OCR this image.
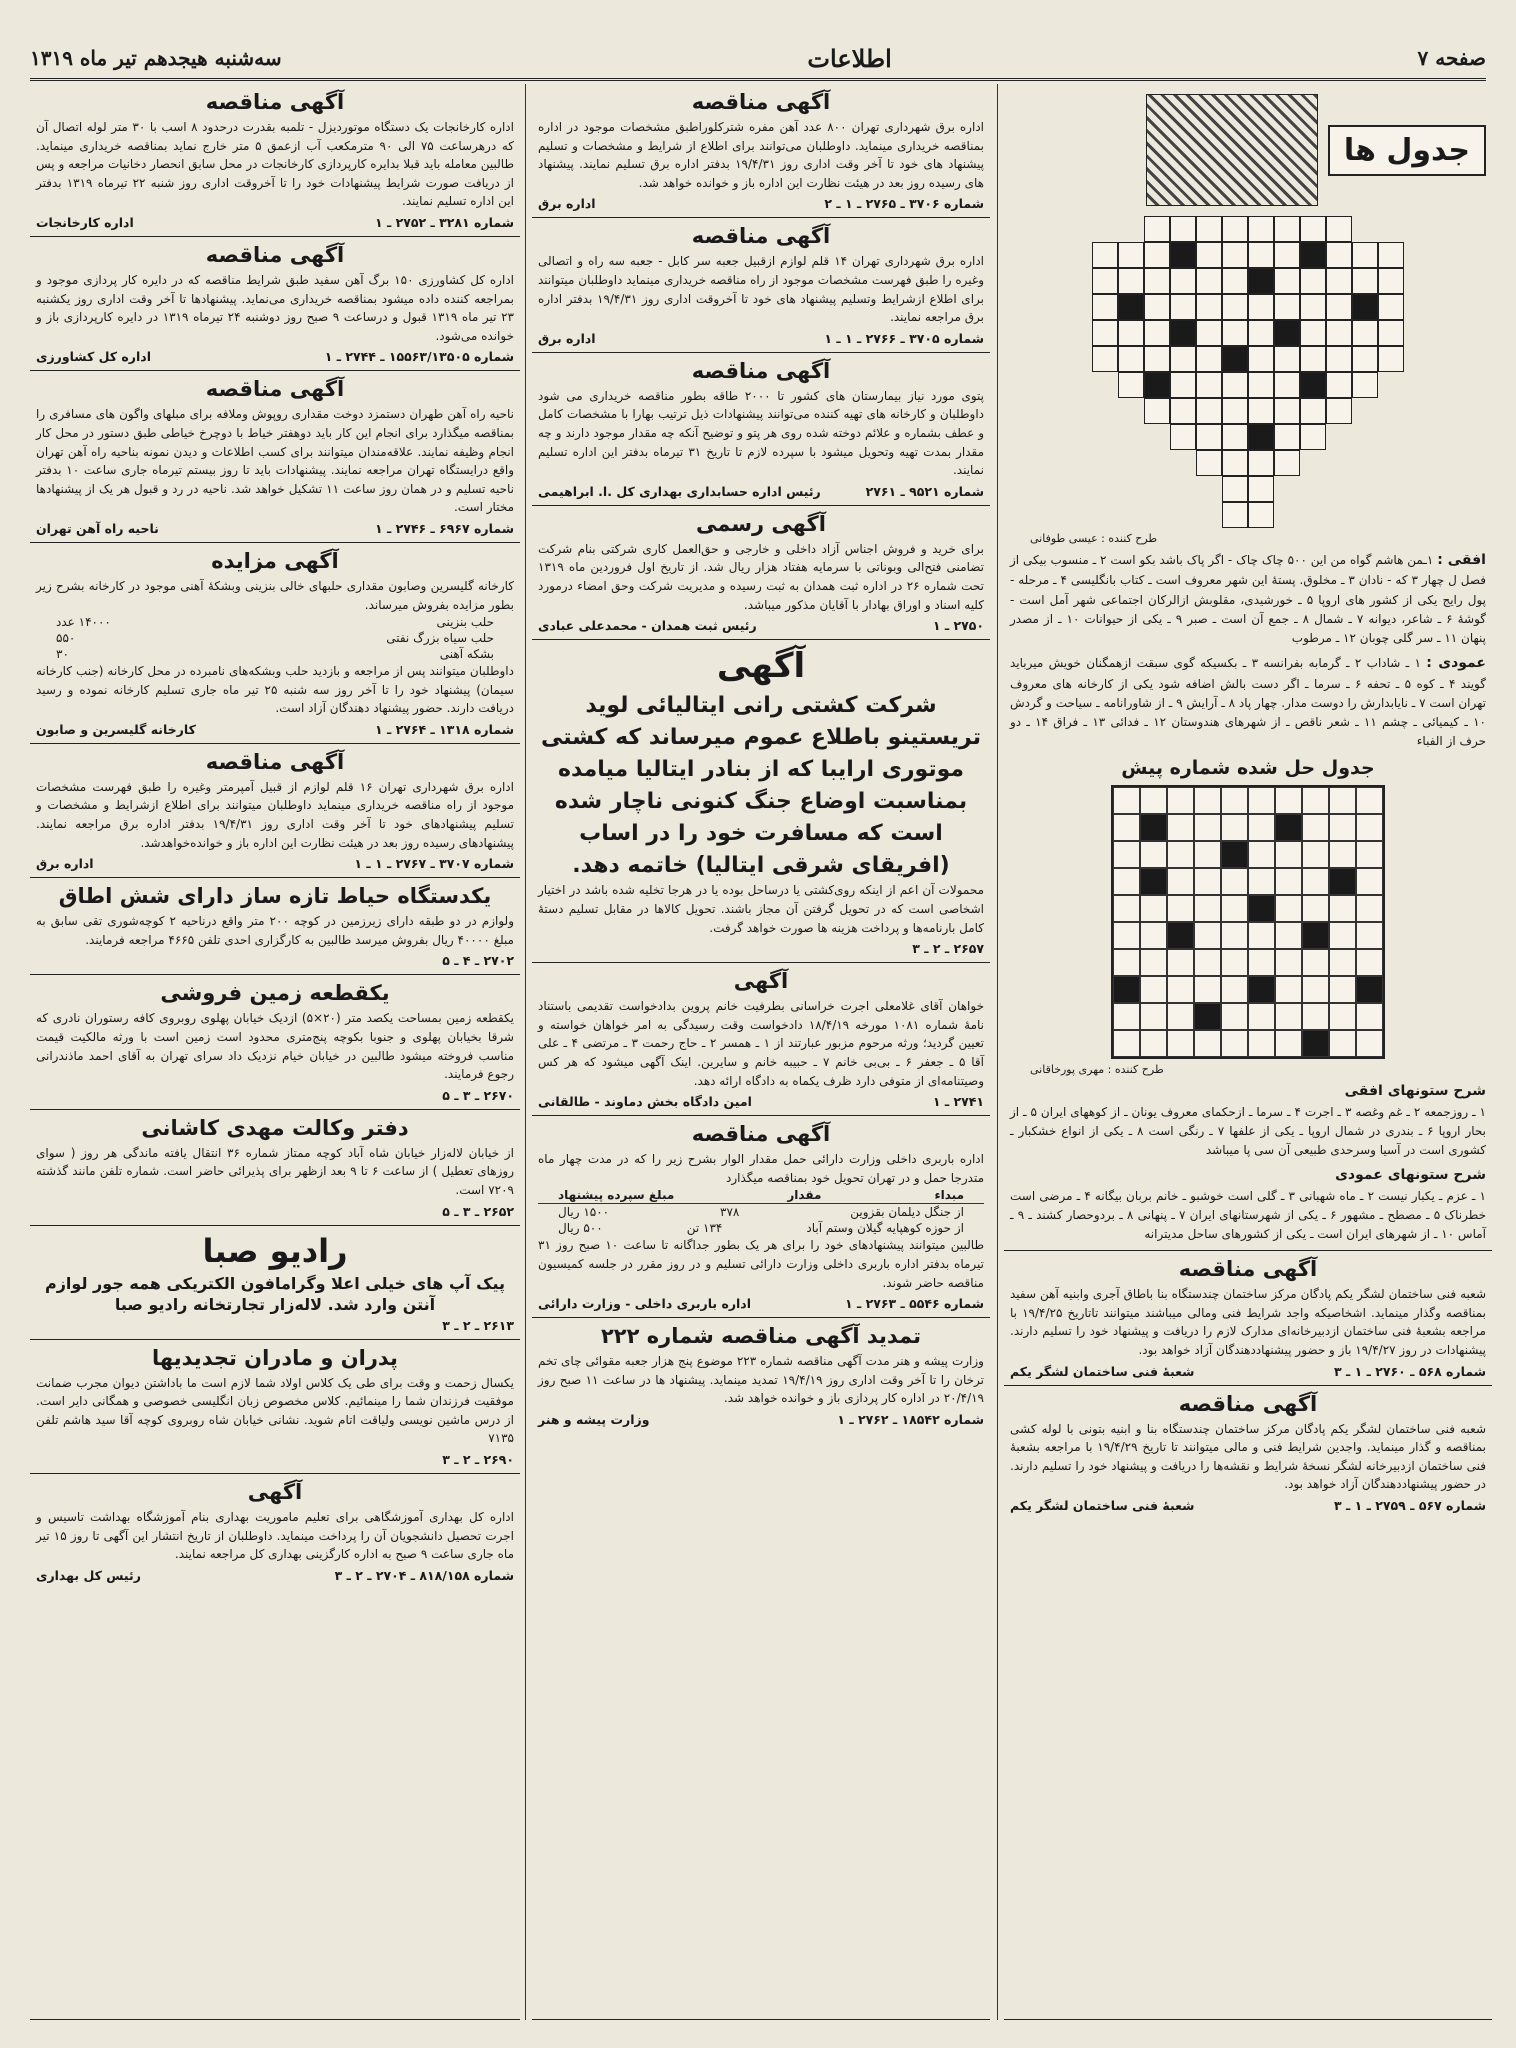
صفحه ۷
اطلاعات
سه‌شنبه هیجدهم تیر ماه ۱۳۱۹
جدول ها
طرح کننده : عیسی طوفانی
افقی : ۱ـمن هاشم گواه من این ۵۰۰ چاک چاک - اگر پاک باشد بکو است ۲ ـ منسوب بیکی از فصل ل چهار ۳ که - نادان ۳ ـ مخلوق. پستهٔ این شهر معروف است ـ کتاب بانگلیسی ۴ ـ مرحله - پول رایج یکی از کشور های اروپا ۵ ـ خورشیدی، مقلوبش ازالرکان اجتماعی شهر آمل است - گوشهٔ ۶ ـ شاعر، دیوانه ۷ ـ شمال ۸ ـ جمع آن است ـ صبر ۹ ـ یکی از حیوانات ۱۰ ـ از مصدر پنهان ۱۱ ـ سر گلی چوبان ۱۲ ـ مرطوب
عمودی : ۱ ـ شاداب ۲ ـ گرمابه بفرانسه ۳ ـ بکسیکه گوی سبقت ازهمگنان خویش میرباید گویند ۴ ـ کوه ۵ ـ تحفه ۶ ـ سرما ـ اگر دست بالش اضافه شود یکی از کارخانه های معروف تهران است ۷ ـ نایابدارش را دوست مدار. چهار پاد ۸ ـ آرایش ۹ ـ از شاورانامه ـ سیاحت و گردش ۱۰ ـ کیمیائی ـ چشم ۱۱ ـ شعر ناقص ـ از شهرهای هندوستان ۱۲ ـ فدائی ۱۳ ـ فراق ۱۴ ـ دو حرف از الفباء
جدول حل شده شماره پیش
طرح کننده : مهری پورخاقانی
شرح ستونهای افقی
۱ ـ روزجمعه ۲ ـ غم وغصه ۳ ـ اجرت ۴ ـ سرما ـ ازحکمای معروف یونان ـ از کوههای ایران ۵ ـ از بحار اروپا ۶ ـ بندری در شمال اروپا ـ یکی از علفها ۷ ـ رنگی است ۸ ـ یکی از انواع خشکبار ـ کشوری است در آسیا وسرحدی طبیعی آن سی پا میباشد
شرح ستونهای عمودی
۱ ـ عزم ـ یکبار نیست ۲ ـ ماه شهبانی ۳ ـ گلی است خوشبو ـ خانم بربان بیگانه ۴ ـ مرضی است خطرناک ۵ ـ مصطح ـ مشهور ۶ ـ یکی از شهرستانهای ایران ۷ ـ پنهانی ۸ ـ بردوحصار کشند ـ ۹ ـ آماس ۱۰ ـ از شهرهای ایران است ـ یکی از کشورهای ساحل مدیترانه
آگهی مناقصه

شعبه فنی ساختمان لشگر یکم پادگان مرکز ساختمان چندستگاه بنا باطاق آجری وابنیه آهن سفید بمناقصه وگذار مینماید. اشخاصیکه واجد شرایط فنی ومالی میباشند میتوانند تاتاریخ ۱۹/۴/۲۵ با مراجعه بشعبهٔ فنی ساختمان ازدبیرخانه‌ای مدارک لازم را دریافت و پیشنهاد خود را تسلیم دارند. پیشنهادات در روز ۱۹/۴/۲۷ باز و حضور پیشنهاددهندگان آزاد خواهد بود.

شماره ۵۶۸ ـ ۲۷۶۰ ـ ۱ ـ ۳
شعبهٔ فنی ساختمان لشگر یکم
آگهی مناقصه

شعبه فنی ساختمان لشگر یکم پادگان مرکز ساختمان چندستگاه بنا و ابنیه بتونی با لوله کشی بمناقصه و گذار مینماید. واجدین شرایط فنی و مالی میتوانند تا تاریخ ۱۹/۴/۲۹ با مراجعه بشعبهٔ فنی ساختمان ازدبیرخانه لشگر نسخهٔ شرایط و نقشه‌ها را دریافت و پیشنهاد خود را تسلیم دارند. در حضور پیشنهاددهندگان آزاد خواهد بود.

شماره ۵۶۷ ـ ۲۷۵۹ ـ ۱ ـ ۳
شعبهٔ فنی ساختمان لشگر یکم
آگهی مناقصه

اداره برق شهرداری تهران ۸۰۰ عدد آهن مفره شترکلوراطبق مشخصات موجود در اداره بمناقصه خریداری مینماید. داوطلبان می‌توانند برای اطلاع از شرایط و مشخصات و تسلیم پیشنهاد های خود تا آخر وقت اداری روز ۱۹/۴/۳۱ بدفتر اداره برق تسلیم نمایند. پیشنهاد های رسیده روز بعد در هیئت نظارت این اداره باز و خوانده خواهد شد.

شماره ۳۷۰۶ ـ ۲۷۶۵ ـ ۱ ـ ۲
اداره برق
آگهی مناقصه

اداره برق شهرداری تهران ۱۴ قلم لوازم ازقبیل جعبه سر کابل - جعبه سه راه و اتصالی وغیره را طبق فهرست مشخصات موجود از راه مناقصه خریداری مینماید داوطلبان میتوانند برای اطلاع ازشرایط وتسلیم پیشنهاد های خود تا آخروقت اداری روز ۱۹/۴/۳۱ بدفتر اداره برق مراجعه نمایند.

شماره ۳۷۰۵ ـ ۲۷۶۶ ـ ۱ ـ ۱
اداره برق
آگهی مناقصه

پتوی مورد نیاز بیمارستان های کشور تا ۲۰۰۰ طاقه بطور مناقصه خریداری می شود داوطلبان و کارخانه های تهیه کننده می‌توانند پیشنهادات ذیل ترتیب بهارا با مشخصات کامل و عطف بشماره و علائم دوخته شده روی هر پتو و توضیح آنکه چه مقدار موجود دارند و چه مقدار بمدت تهیه وتحویل میشود با سپرده لازم تا تاریخ ۳۱ تیرماه بدفتر این اداره تسلیم نمایند.

شماره ۹۵۲۱ ـ ۲۷۶۱
رئیس اداره حسابداری بهداری کل .ا. ابراهیمی
آگهی رسمی

برای خرید و فروش اجناس آزاد داخلی و خارجی و حق‌العمل کاری شرکتی بنام شرکت تضامنی فتح‌الی وبوناتی با سرمایه هفتاد هزار ریال شد. از تاریخ اول فروردین ماه ۱۳۱۹ تحت شماره ۲۶ در اداره ثبت همدان به ثبت رسیده و مدیریت شرکت وحق امضاء درمورد کلیه اسناد و اوراق بهادار با آقایان مذکور میباشد.

۲۷۵۰ ـ ۱
رئیس ثبت همدان - محمدعلی عبادی
آگهی

شرکت کشتی رانی ایتالیائی لوید تریستینو باطلاع عموم میرساند که کشتی موتوری ارایبا که از بنادر ایتالیا میامده بمناسبت اوضاع جنگ کنونی ناچار شده است که مسافرت خود را در اساب (افریقای شرقی ایتالیا) خاتمه دهد.

محمولات آن اعم از اینکه روی‌کشتی یا درساحل بوده یا در هرجا تخلیه شده باشد در اختیار اشخاصی است که در تحویل گرفتن آن مجاز باشند. تحویل کالاها در مقابل تسلیم دستهٔ کامل بارنامه‌ها و پرداخت هزینه ها صورت خواهد گرفت.

۲۶۵۷ ـ ۲ ـ ۳
آگهی

خواهان آقای غلامعلی اجرت خراسانی بطرفیت خانم پروین بدادخواست تقدیمی باستناد نامهٔ شماره ۱۰۸۱ مورخه ۱۸/۴/۱۹ دادخواست وقت رسیدگی به امر خواهان خواسته و تعیین گردید؛ ورثه مرحوم مزبور عبارتند از ۱ ـ همسر ۲ ـ حاج رحمت ۳ ـ مرتضی ۴ ـ علی آقا ۵ ـ جعفر ۶ ـ بی‌بی خانم ۷ ـ حبیبه خانم و سایرین. اینک آگهی میشود که هر کس وصیتنامه‌ای از متوفی دارد ظرف یکماه به دادگاه ارائه دهد.

۲۷۴۱ ـ ۱
امین دادگاه بخش دماوند - طالقانی
آگهی مناقصه

اداره باربری داخلی وزارت دارائی حمل مقدار الوار بشرح زیر را که در مدت چهار ماه متدرجا حمل و در تهران تحویل خود بمناقصه میگذارد

مبداء
مقدار
مبلغ سپرده پیشنهاد
از جنگل دیلمان بقزوین
۳۷۸
۱۵۰۰ ریال
از حوزه کوهپایه گیلان وستم آباد
۱۳۴ تن
۵۰۰ ریال

طالبین میتوانند پیشنهادهای خود را برای هر یک بطور جداگانه تا ساعت ۱۰ صبح روز ۳۱ تیرماه بدفتر اداره باربری داخلی وزارت دارائی تسلیم و در روز مقرر در جلسه کمیسیون مناقصه حاضر شوند.

شماره ۵۵۴۶ ـ ۲۷۶۳ ـ ۱
اداره باربری داخلی - وزارت دارائی
تمدید آگهی مناقصه شماره ۲۲۲

وزارت پیشه و هنر مدت آگهی مناقصه شماره ۲۲۳ موضوع پنج هزار جعبه مقوائی چای تخم ترخان را تا آخر وقت اداری روز ۱۹/۴/۱۹ تمدید مینماید. پیشنهاد ها در ساعت ۱۱ صبح روز ۲۰/۴/۱۹ در اداره کار پردازی باز و خوانده خواهد شد.

شماره ۱۸۵۴۲ ـ ۲۷۶۲ ـ ۱
وزارت پیشه و هنر
آگهی مناقصه

اداره کارخانجات یک دستگاه موتوردیزل - تلمبه بقدرت درحدود ۸ اسب با ۳۰ متر لوله اتصال آن که درهرساعت ۷۵ الی ۹۰ مترمکعب آب ازعمق ۵ متر خارج نماید بمناقصه خریداری مینماید. طالبین معامله باید قبلا بدایره کارپردازی کارخانجات در محل سابق انحصار دخانیات مراجعه و پس از دریافت صورت شرایط پیشنهادات خود را تا آخروقت اداری روز شنبه ۲۲ تیرماه ۱۳۱۹ بدفتر این اداره تسلیم نمایند.

شماره ۳۲۸۱ ـ ۲۷۵۲ ـ ۱
اداره کارخانجات
آگهی مناقصه

اداره کل کشاورزی ۱۵۰ برگ آهن سفید طبق شرایط مناقصه که در دایره کار پردازی موجود و بمراجعه کننده داده میشود بمناقصه خریداری می‌نماید. پیشنهادها تا آخر وقت اداری روز یکشنبه ۲۳ تیر ماه ۱۳۱۹ قبول و درساعت ۹ صبح روز دوشنبه ۲۴ تیرماه ۱۳۱۹ در دایره کارپردازی باز و خوانده می‌شود.

شماره ۱۵۵۶۳/۱۳۵۰۵ ـ ۲۷۴۴ ـ ۱
اداره کل کشاورزی
آگهی مناقصه

ناحیه راه آهن طهران دستمزد دوخت مقداری روپوش وملافه برای مبلهای واگون های مسافری را بمناقصه میگذارد برای انجام این کار باید دوهفتر خیاط با دوچرخ خیاطی طبق دستور در محل کار انجام وظیفه نمایند. علاقه‌مندان میتوانند برای کسب اطلاعات و دیدن نمونه بناحیه راه آهن تهران واقع درایستگاه تهران مراجعه نمایند. پیشنهادات باید تا روز بیستم تیرماه جاری ساعت ۱۰ بدفتر ناحیه تسلیم و در همان روز ساعت ۱۱ تشکیل خواهد شد. ناحیه در رد و قبول هر یک از پیشنهادها مختار است.

شماره ۶۹۶۷ ـ ۲۷۴۶ ـ ۱
ناحیه راه آهن تهران
آگهی مزایده

کارخانه گلیسرین وصابون مقداری حلبهای خالی بنزینی وبشکهٔ آهنی موجود در کارخانه بشرح زیر بطور مزایده بفروش میرساند.

حلب بنزینی
۱۴۰۰۰ عدد
حلب سیاه بزرگ نفتی
۵۵۰
بشکه آهنی
۳۰

داوطلبان میتوانند پس از مراجعه و بازدید حلب وبشکه‌های نامبرده در محل کارخانه (جنب کارخانه سیمان) پیشنهاد خود را تا آخر روز سه شنبه ۲۵ تیر ماه جاری تسلیم کارخانه نموده و رسید دریافت دارند. حضور پیشنهاد دهندگان آزاد است.

شماره ۱۳۱۸ ـ ۲۷۶۴ ـ ۱
کارخانه گلیسرین و صابون
آگهی مناقصه

اداره برق شهرداری تهران ۱۶ قلم لوازم از قبیل آمپرمتر وغیره را طبق فهرست مشخصات موجود از راه مناقصه خریداری مینماید داوطلبان میتوانند برای اطلاع ازشرایط و مشخصات و تسلیم پیشنهادهای خود تا آخر وقت اداری روز ۱۹/۴/۳۱ بدفتر اداره برق مراجعه نمایند. پیشنهادهای رسیده روز بعد در هیئت نظارت این اداره باز و خوانده‌خواهد‌شد.

شماره ۳۷۰۷ ـ ۲۷۶۷ ـ ۱ ـ ۱
اداره برق
یکدستگاه حیاط تازه ساز دارای شش اطاق

ولوازم در دو طبقه دارای زیرزمین در کوچه ۲۰۰ متر واقع درناحیه ۲ کوچه‌شوری تقی سابق به مبلغ ۴۰۰۰۰ ریال بفروش میرسد طالبین به کارگزاری احدی تلفن ۴۶۶۵ مراجعه فرمایند.

۲۷۰۲ ـ ۴ ـ ۵
یکقطعه زمین فروشی

یکقطعه زمین بمساحت یکصد متر (۲۰×۵) ازدیک خیابان پهلوی روبروی کافه رستوران نادری که شرقا بخیابان پهلوی و جنوبا بکوچه پنج‌متری محدود است زمین است با ورثه مالکیت قیمت مناسب فروخته میشود طالبین در خیابان خیام نزدیک داد سرای تهران به آقای احمد ماذندرانی رجوع فرمایند.

۲۶۷۰ ـ ۳ ـ ۵
دفتر وکالت مهدی کاشانی

از خیابان لاله‌زار خیابان شاه آباد کوچه ممتاز شماره ۳۶ انتقال یافته ماندگی هر روز ( سوای روزهای تعطیل ) از ساعت ۶ تا ۹ بعد ازظهر برای پذیرائی حاضر است. شماره تلفن مانند گذشته ۷۲۰۹ است.

۲۶۵۲ ـ ۳ ـ ۵
رادیو صبا
پیک آپ های خیلی اعلا وگرامافون الکتریکی همه جور لوازم
آنتن وارد شد. لاله‌زار تجارتخانه رادیو صبا
۲۶۱۳ ـ ۲ ـ ۳
پدران و مادران تجدیدیها

یکسال زحمت و وقت برای طی یک کلاس اولاد شما لازم است ما باداشتن دیوان مجرب ضمانت موفقیت فرزندان شما را مینمائیم. کلاس مخصوص زبان انگلیسی خصوصی و همگانی دایر است. از درس ماشین نویسی ولیاقت اتام شوید. نشانی خیابان شاه روبروی کوچه آقا سید هاشم تلفن ۷۱۳۵

۲۶۹۰ ـ ۲ ـ ۳
آگهی

اداره کل بهداری آموزشگاهی برای تعلیم ماموریت بهداری بنام آموزشگاه بهداشت تاسیس و اجرت تحصیل دانشجویان آن را پرداخت مینماید. داوطلبان از تاریخ انتشار این آگهی تا روز ۱۵ تیر ماه جاری ساعت ۹ صبح به اداره کارگزینی بهداری کل مراجعه نمایند.

شماره ۸۱۸/۱۵۸ ـ ۲۷۰۴ ـ ۲ ـ ۳
رئیس کل بهداری
